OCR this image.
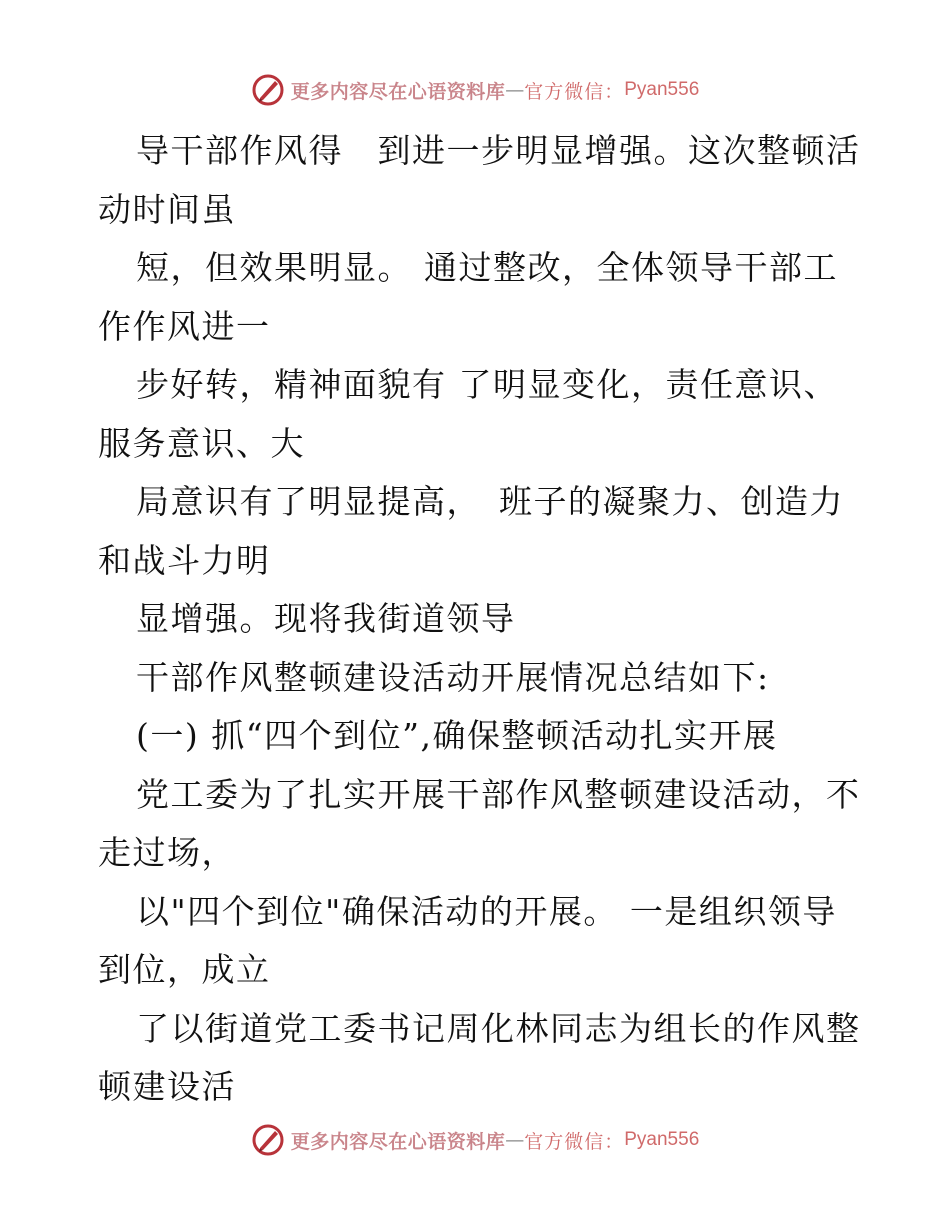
更多内容尽在心语资料库 — 官方微信： Pyan556
导干部作风得　到进一步明显增强。这次整顿活
动时间虽
短，但效果明显。 通过整改，全体领导干部工
作作风进一
步好转，精神面貌有 了明显变化，责任意识、
服务意识、大
局意识有了明显提高，　班子的凝聚力、创造力
和战斗力明
显增强。现将我街道领导
干部作风整顿建设活动开展情况总结如下:
(一) 抓“四个到位”,确保整顿活动扎实开展
党工委为了扎实开展干部作风整顿建设活动，不
走过场，
以"四个到位"确保活动的开展。 一是组织领导
到位，成立
了以街道党工委书记周化林同志为组长的作风整
顿建设活
更多内容尽在心语资料库 — 官方微信： Pyan556
